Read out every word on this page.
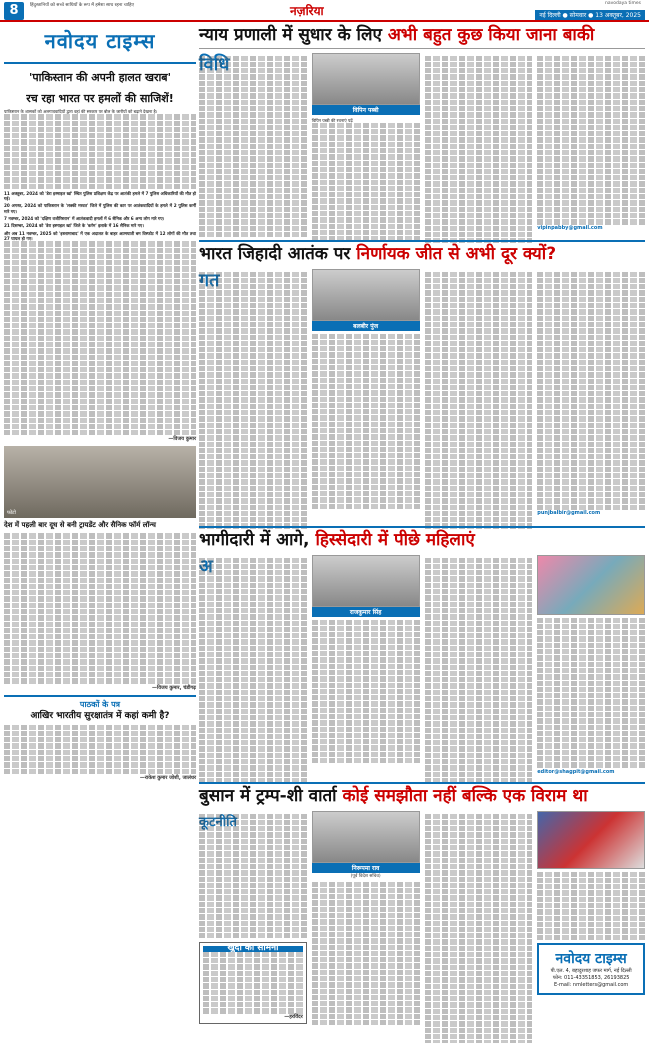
8	हिंदुस्तानियों को सच्चे साथियों के रूप में हमेशा साथ रहना चाहिए	नज़रिया
navodaya times
नई दिल्ली ● सोमवार ● 13 अक्तूबर, 2025
नवोदय टाइम्स
'पाकिस्तान की अपनी हालत खराब'
रच रहा भारत पर हमलों की साजिशें!

पाकिस्तान के शासकों को अलगाववादियों द्वारा वहां की सरकार पर बोल के जारीयों को बढ़ाने देखना है।

11 अक्तूबर, 2024 को 'डेरा इस्माइल खां' स्थित पुलिस प्रशिक्षण केंद्र पर आतंकी हमले में 7 पुलिस अधिकारियों की मौत हो गई।

20 अगस्त, 2024 को पाकिस्तान के 'लक्की मरवत' जिले में पुलिस की कार पर आतंकवादियों के हमले में 2 पुलिस कर्मी मारे गए।

7 नवम्बर, 2024 को 'दक्षिण वजीरिस्तान' में आतंकवादी हमलों में 6 सैनिक और 6 अन्य लोग मारे गए।

21 दिसम्बर, 2024 को 'डेरा इस्माइल खां' जिले के 'कर्रम' इलाके में 16 सैनिक मारे गए।

और अब 11 नवम्बर, 2025 को 'इस्लामाबाद' में एक अदालत के बाहर आत्मघाती बम विस्फोट में 12 लोगों की मौत तथा 27 घायल हो गए।

—विजय कुमार
फोटो
देश में पहली बार दूध से बनी ट्रायडेंट और सैनिक फॉर्म लॉन्च
—विजय कुमार, चंडीगढ़
पाठकों के पत्र
आखिर भारतीय सुरक्षातंत्र में कहां कमी है?
—राकेश कुमार जोशी, जालंधर
न्याय प्रणाली में सुधार के लिए अभी बहुत कुछ किया जाना बाकी
विधि
विपिन पब्बी

विपिन पब्बी की रचनाएं पढ़ें

vipinpabby@gmail.com
भारत जिहादी आतंक पर निर्णायक जीत से अभी दूर क्यों?
गत
बलबीर पुंज
punjbalbir@gmail.com
भागीदारी में आगे, हिस्सेदारी में पीछे महिलाएं
अ
राजकुमार सिंह
editor@shagpit@gmail.com
बुसान में ट्रम्प-शी वार्ता कोई समझौता नहीं बल्कि एक विराम था
कूटनीति
खुदा का सामना
—हरविंदर
निरूपमा राव
(पूर्व विदेश सचिव)
नवोदय टाइम्स
पी.एल. 4, बहादुरशाह जफर मार्ग, नई दिल्ली
फोन: 011-43351853, 26193825
E-mail: nmletters@gmail.com
